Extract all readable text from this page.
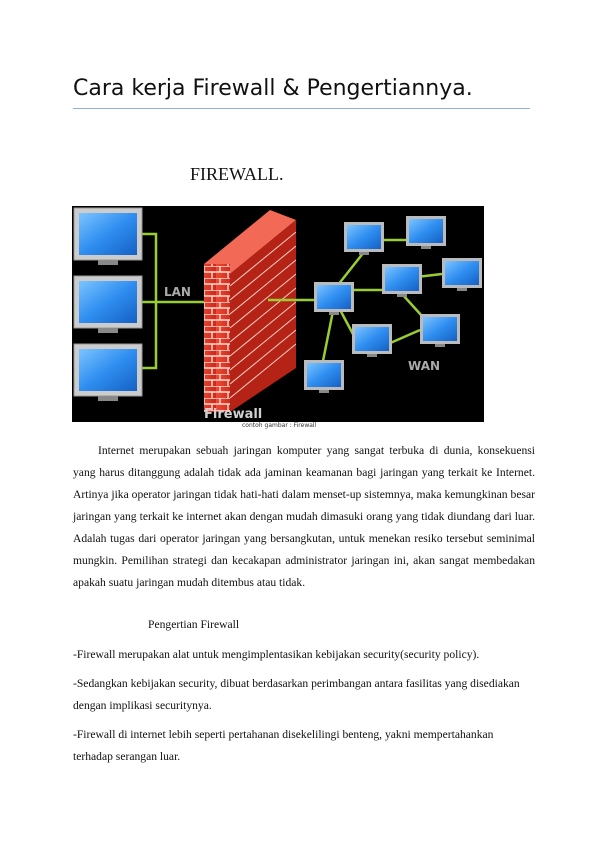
Cara kerja Firewall & Pengertiannya.
FIREWALL.
LAN
Firewall
WAN
contoh gambar : Firewall

Internet merupakan sebuah jaringan komputer yang sangat terbuka di dunia, konsekuensi yang harus ditanggung adalah tidak ada jaminan keamanan bagi jaringan yang terkait ke Internet. Artinya jika operator jaringan tidak hati-hati dalam menset-up sistemnya, maka kemungkinan besar jaringan yang terkait ke internet akan dengan mudah dimasuki orang yang tidak diundang dari luar. Adalah tugas dari operator jaringan yang bersangkutan, untuk menekan resiko tersebut seminimal mungkin. Pemilihan strategi dan kecakapan administrator jaringan ini, akan sangat membedakan apakah suatu jaringan mudah ditembus atau tidak.

Pengertian Firewall

-Firewall merupakan alat untuk mengimplentasikan kebijakan security(security policy).

-Sedangkan kebijakan security, dibuat berdasarkan perimbangan antara fasilitas yang disediakan dengan implikasi securitynya.

-Firewall di internet lebih seperti pertahanan disekelilingi benteng, yakni mempertahankan terhadap serangan luar.
